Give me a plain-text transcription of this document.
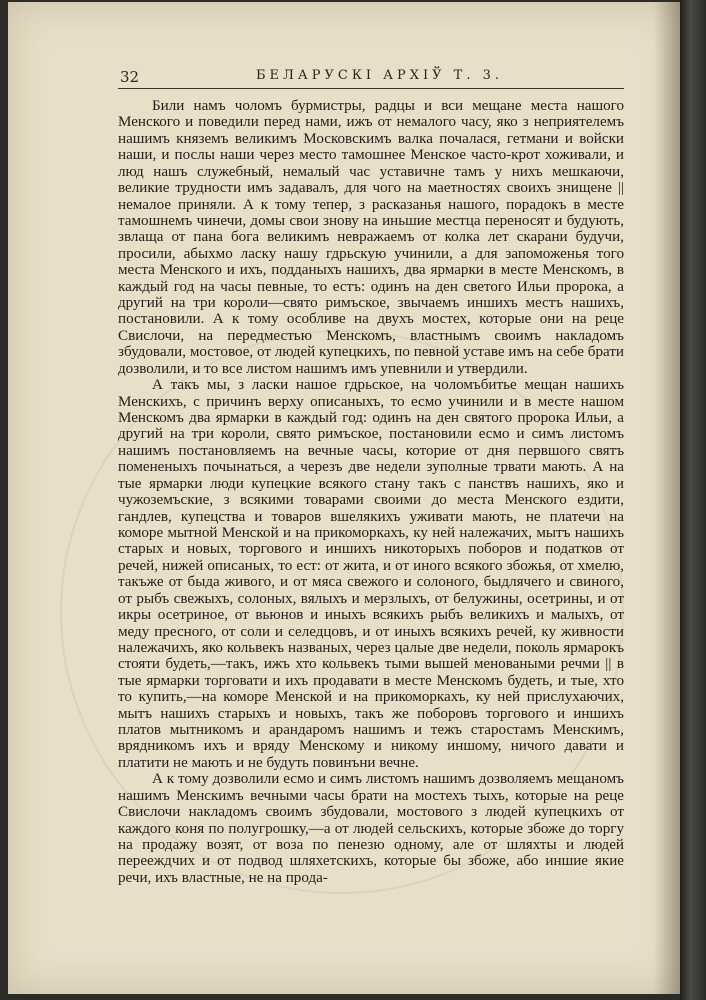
32	БЕЛАРУСКІ АРХІЎ Т. 3.

Били намъ чоломъ бурмистры, радцы и вси мещане места нашого Менского и поведили перед нами, ижъ от немалого часу, яко з неприятелемъ нашимъ княземъ великимъ Московскимъ валка почалася, гетмани и войски наши, и послы наши через место тамошнее Менское часто-крот хоживали, и люд нашъ служебный, немалый час устaвичне тамъ у нихъ мешкаючи, великие трудности имъ задавалъ, для чого на маетностях своихъ знищене || немалое приняли. А к тому тепер, з расказанья нашого, порадокъ в месте тамошнемъ чинечи, домы свои знову на иньшие местца переносят и будують, звлаща от пана бога великимъ невражаемъ от колка лет скарани будучи, просили, абыхмо ласку нашу гдрьскую учинили, а для запоможенья того места Менского и ихъ, подданыхъ нашихъ, два ярмарки в месте Менскомъ, в каждый год на часы певные, то естъ: одинъ на ден светого Ильи пророка, а другий на три короли—свято римъское, звычаемъ иншихъ местъ нашихъ, постановили. А к тому особливе на двухъ мостех, которые они на реце Свислочи, на передместью Менскомъ, властнымъ своимъ накладомъ збудовали, мостовое, от людей купецкихъ, по певной уставе имъ на себе брати дозволили, и то все листом нашимъ имъ упевнили и утвердили.

А такъ мы, з ласки нашое гдрьское, на чоломъбитье мещан нашихъ Менскихъ, с причинъ верху описаныхъ, то есмо учинили и в месте нашом Менскомъ два ярмарки в каждый год: одинъ на ден святого пророка Ильи, а другий на три короли, свято римъское, постановили есмо и симъ листомъ нашимъ постановляемъ на вечные часы, которие от дня первшого святъ помененыхъ почынаться, а черезъ две недели зуполные трвати мають. А на тые ярмарки люди купецкие всякого стану такъ с панствъ нашихъ, яко и чужоземъские, з всякими товарами своими до места Менского ездити, гандлев, купецства и товаров вшелякихъ уживати мають, не платечи на коморе мытной Менской и на прикоморкахъ, ку ней належачих, мытъ нашихъ старых и новых, торгового и иншихъ никоторыхъ поборов и податков от речей, нижей описаных, то ест: от жита, и от иного всякого збожья, от хмелю, такъже от быда живого, и от мяса свежого и солоного, быдлячего и свиного, от рыбъ свежыхъ, солоных, вялыхъ и мерзлыхъ, от белужины, осетрины, и от икры осетриное, от вьюнов и иныхъ всякихъ рыбъ великихъ и малыхъ, от меду пресного, от соли и селедцовъ, и от иныхъ всякихъ речей, ку живности належачихъ, яко кольвекъ названых, через цалые две недели, поколь ярмарокъ стояти будеть,—такъ, ижъ хто кольвекъ тыми вышей меноваными речми || в тые ярмарки торговати и ихъ продавати в месте Менскомъ будеть, и тые, хто то купить,—на коморе Менской и на прикоморкахъ, ку ней прислухаючих, мытъ нашихъ старыхъ и новыхъ, такъ же поборовъ торгового и иншихъ платов мытникомъ и арандаромъ нашимъ и тежъ старостамъ Менскимъ, врядникомъ ихъ и вряду Менскому и никому иншому, ничого давати и платити не мають и не будуть повинъни вечне.

А к тому дозволили есмо и симъ листомъ нашимъ дозволяемъ мещаномъ нашимъ Менскимъ вечными часы брати на мостехъ тыхъ, которые на реце Свислочи накладомъ своимъ збудовали, мостового з людей купецкихъ от каждого коня по полугрошку,—а от людей сельскихъ, которые збоже до торгу на продажу возят, от воза по пенезю одному, але от шляхты и людей перееждчих и от подвод шляхетскихъ, которые бы збоже, або иншие якие речи, ихъ властные, не на прода-
